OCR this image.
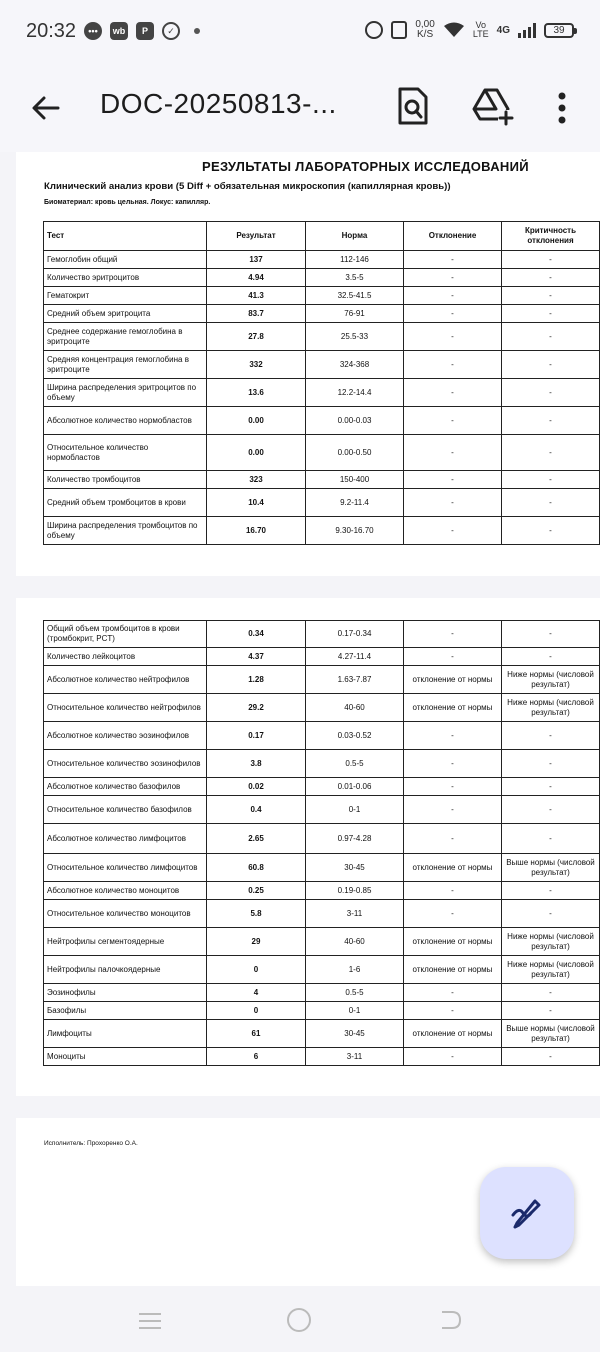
20:32	•••	wb	P	✓
0,00
K/S
Vo
LTE 4G	39
DOC-20250813-...
РЕЗУЛЬТАТЫ ЛАБОРАТОРНЫХ ИССЛЕДОВАНИЙ
Клинический анализ крови (5 Diff + обязательная микроскопия (капиллярная кровь))
Биоматериал: кровь цельная. Локус: капилляр.
Тест	Результат	Норма	Отклонение	Критичность отклонения
Гемоглобин общий	137	112-146	-	-
Количество эритроцитов	4.94	3.5-5	-	-
Гематокрит	41.3	32.5-41.5	-	-
Средний объем эритроцита	83.7	76-91	-	-
Среднее содержание гемоглобина в эритроците	27.8	25.5-33	-	-
Средняя концентрация гемоглобина в эритроците	332	324-368	-	-
Ширина распределения эритроцитов по объему	13.6	12.2-14.4	-	-
Абсолютное количество нормобластов	0.00	0.00-0.03	-	-
Относительное количество нормобластов	0.00	0.00-0.50	-	-
Количество тромбоцитов	323	150-400	-	-
Средний объем тромбоцитов в крови	10.4	9.2-11.4	-	-
Ширина распределения тромбоцитов по объему	16.70	9.30-16.70	-	-
Общий объем тромбоцитов в крови (тромбокрит, PCT)	0.34	0.17-0.34	-	-
Количество лейкоцитов	4.37	4.27-11.4	-	-
Абсолютное количество нейтрофилов	1.28	1.63-7.87	отклонение от нормы	Ниже нормы (числовой результат)
Относительное количество нейтрофилов	29.2	40-60	отклонение от нормы	Ниже нормы (числовой результат)
Абсолютное количество эозинофилов	0.17	0.03-0.52	-	-
Относительное количество эозинофилов	3.8	0.5-5	-	-
Абсолютное количество базофилов	0.02	0.01-0.06	-	-
Относительное количество базофилов	0.4	0-1	-	-
Абсолютное количество лимфоцитов	2.65	0.97-4.28	-	-
Относительное количество лимфоцитов	60.8	30-45	отклонение от нормы	Выше нормы (числовой результат)
Абсолютное количество моноцитов	0.25	0.19-0.85	-	-
Относительное количество моноцитов	5.8	3-11	-	-
Нейтрофилы сегментоядерные	29	40-60	отклонение от нормы	Ниже нормы (числовой результат)
Нейтрофилы палочкоядерные	0	1-6	отклонение от нормы	Ниже нормы (числовой результат)
Эозинофилы	4	0.5-5	-	-
Базофилы	0	0-1	-	-
Лимфоциты	61	30-45	отклонение от нормы	Выше нормы (числовой результат)
Моноциты	6	3-11	-	-
Исполнитель: Прохоренко О.А.
